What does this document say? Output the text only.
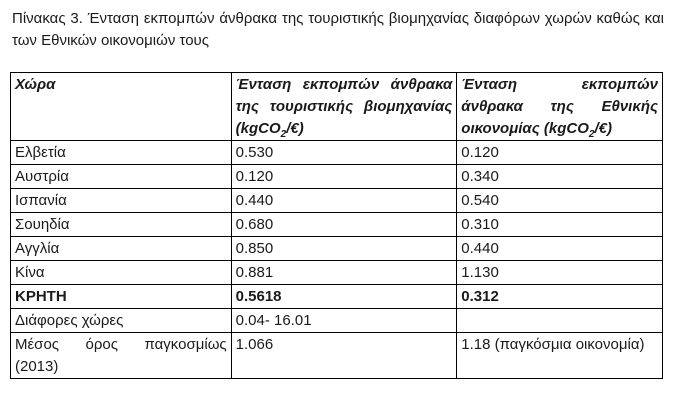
Πίνακας 3. Ένταση εκπομπών άνθρακα της τουριστικής βιομηχανίας διαφόρων χωρών καθώς και των Εθνικών οικονομιών τους
Χώρα	Ένταση εκπομπών άνθρακα της τουριστικής βιομηχανίας (kgCO$_2$/€)	Ένταση εκπομπών άνθρακα της Εθνικής οικονομίας (kgCO$_2$/€)
Ελβετία	0.530	0.120
Αυστρία	0.120	0.340
Ισπανία	0.440	0.540
Σουηδία	0.680	0.310
Αγγλία	0.850	0.440
Κίνα	0.881	1.130
ΚΡΗΤΗ	0.5618	0.312
Διάφορες χώρες	0.04- 16.01	
Μέσος όρος παγκοσμίως (2013)	1.066	1.18 (παγκόσμια οικονομία)
